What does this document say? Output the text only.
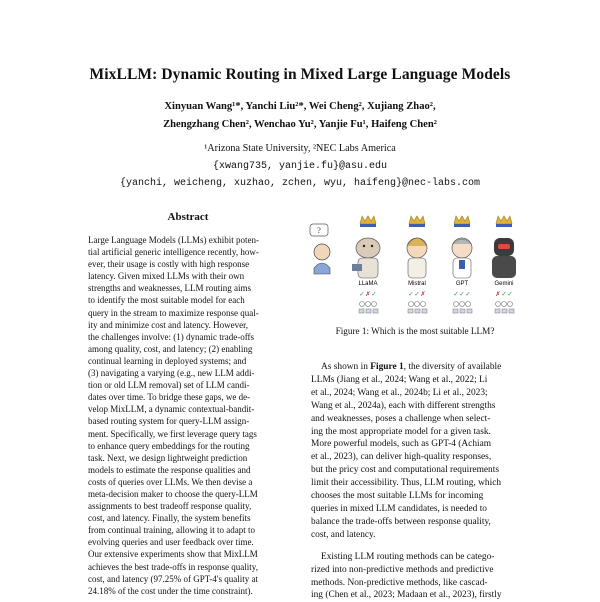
MixLLM: Dynamic Routing in Mixed Large Language Models
Xinyuan Wang¹*, Yanchi Liu²*, Wei Cheng², Xujiang Zhao²,
Zhengzhang Chen², Wenchao Yu², Yanjie Fu¹, Haifeng Chen²
¹Arizona State University, ²NEC Labs America
{xwang735, yanjie.fu}@asu.edu
{yanchi, weicheng, xuzhao, zchen, wyu, haifeng}@nec-labs.com
Abstract
Large Language Models (LLMs) exhibit poten-
tial artificial generic intelligence recently, how-
ever, their usage is costly with high response
latency. Given mixed LLMs with their own
strengths and weaknesses, LLM routing aims
to identify the most suitable model for each
query in the stream to maximize response qual-
ity and minimize cost and latency. However,
the challenges involve: (1) dynamic trade-offs
among quality, cost, and latency; (2) enabling
continual learning in deployed systems; and
(3) navigating a varying (e.g., new LLM addi-
tion or old LLM removal) set of LLM candi-
dates over time. To bridge these gaps, we de-
velop MixLLM, a dynamic contextual-bandit-
based routing system for query-LLM assign-
ment. Specifically, we first leverage query tags
to enhance query embeddings for the routing
task. Next, we design lightweight prediction
models to estimate the response qualities and
costs of queries over LLMs. We then devise a
meta-decision maker to choose the query-LLM
assignments to best tradeoff response quality,
cost, and latency. Finally, the system benefits
from continual training, allowing it to adapt to
evolving queries and user feedback over time.
Our extensive experiments show that MixLLM
achieves the best trade-offs in response quality,
cost, and latency (97.25% of GPT-4's quality at
24.18% of the cost under the time constraint).
?
LLaMA	Mistral	GPT	Gemini
✓ ✗ ✓	✓ ✓ ✗	✓ ✓ ✓	✗ ✓ ✓
Figure 1: Which is the most suitable LLM?
As shown in Figure 1, the diversity of available
LLMs (Jiang et al., 2024; Wang et al., 2022; Li
et al., 2024; Wang et al., 2024b; Li et al., 2023;
Wang et al., 2024a), each with different strengths
and weaknesses, poses a challenge when select-
ing the most appropriate model for a given task.
More powerful models, such as GPT-4 (Achiam
et al., 2023), can deliver high-quality responses,
but the pricy cost and computational requirements
limit their accessibility. Thus, LLM routing, which
chooses the most suitable LLMs for incoming
queries in mixed LLM candidates, is needed to
balance the trade-offs between response quality,
cost, and latency.
Existing LLM routing methods can be catego-
rized into non-predictive methods and predictive
methods. Non-predictive methods, like cascad-
ing (Chen et al., 2023; Madaan et al., 2023), firstly
